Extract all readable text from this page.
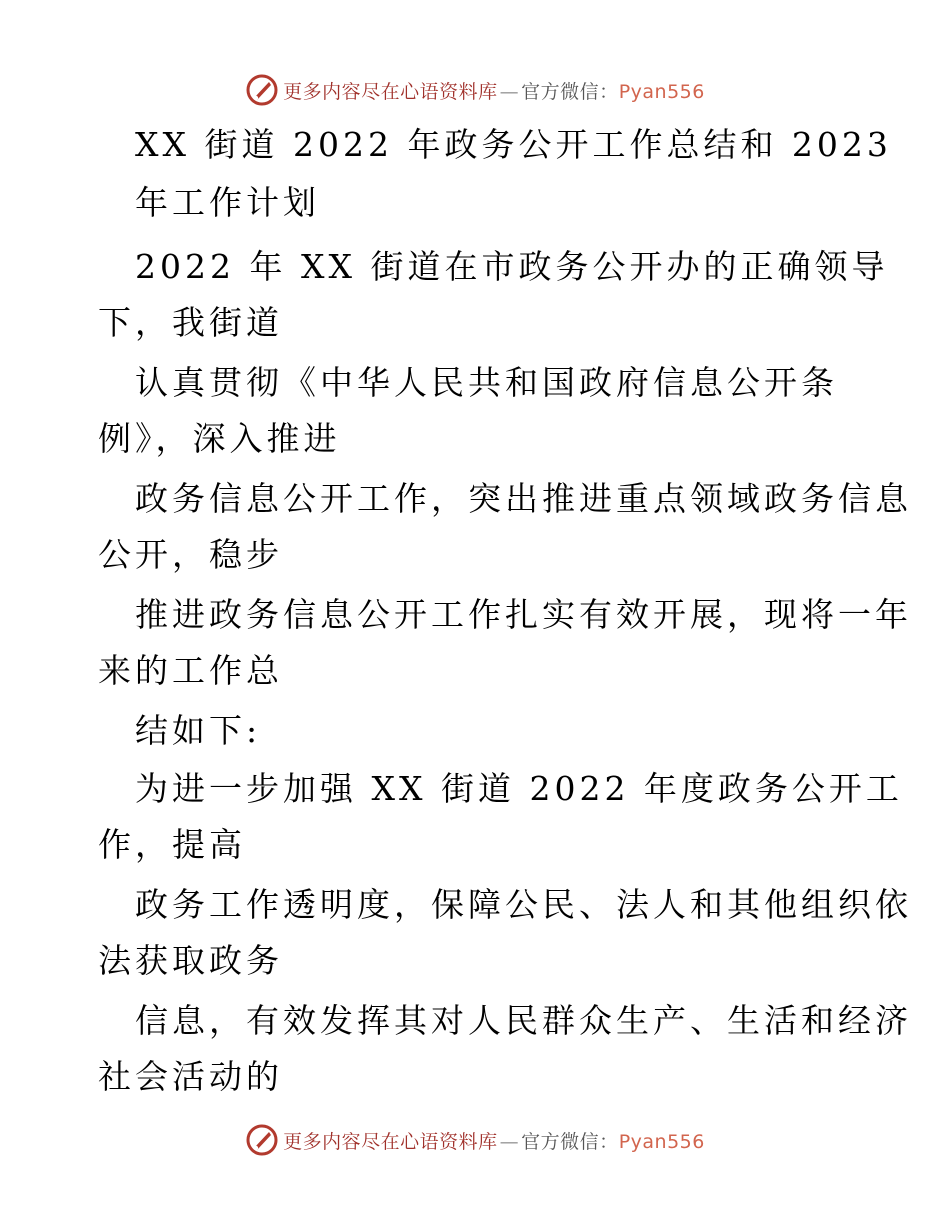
更多内容尽在心语资料库 — 官方微信：Pyan556
XX 街道 2022 年政务公开工作总结和 2023
年工作计划
2022 年 XX 街道在市政务公开办的正确领导
下，我街道
认真贯彻《中华人民共和国政府信息公开条
例》，深入推进
政务信息公开工作，突出推进重点领域政务信息
公开，稳步
推进政务信息公开工作扎实有效开展，现将一年
来的工作总
结如下:
为进一步加强 XX 街道 2022 年度政务公开工
作，提高
政务工作透明度，保障公民、法人和其他组织依
法获取政务
信息，有效发挥其对人民群众生产、生活和经济
社会活动的
更多内容尽在心语资料库 — 官方微信：Pyan556
